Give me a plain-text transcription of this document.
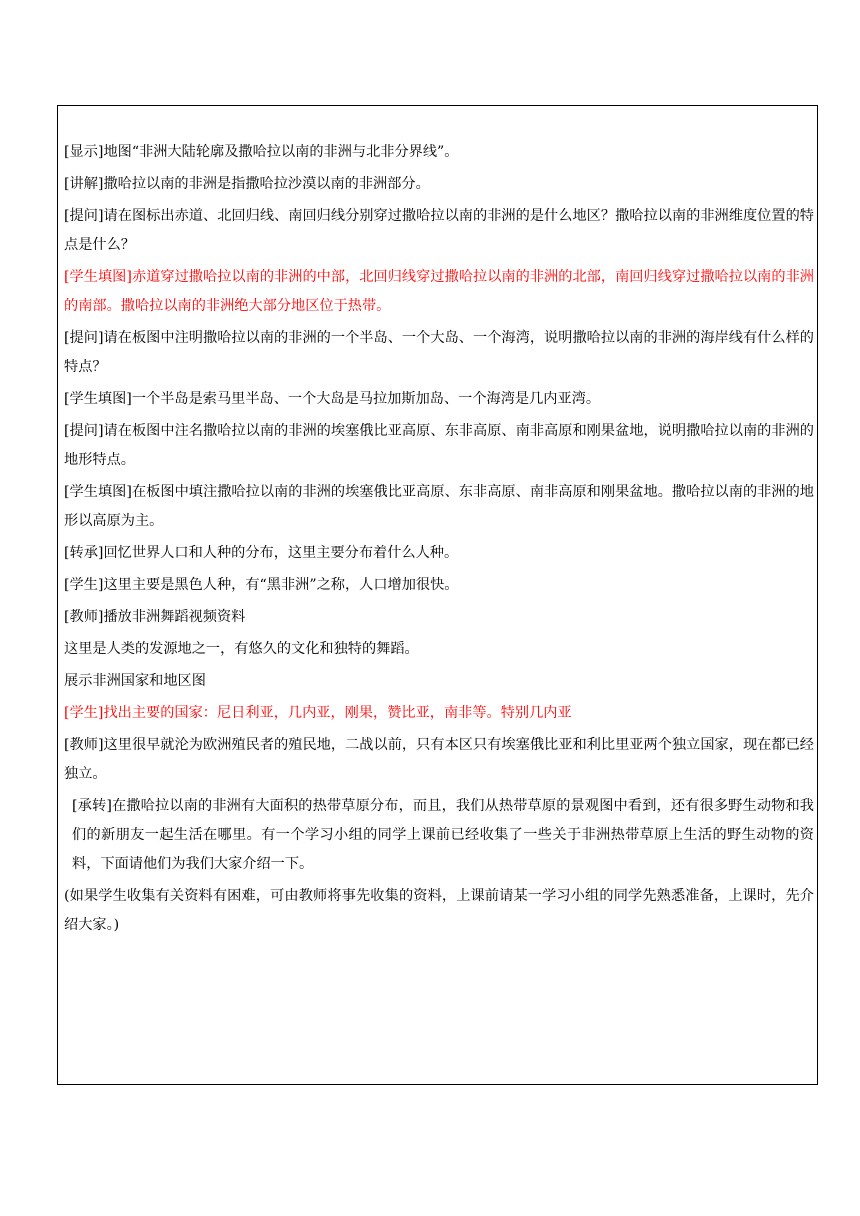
[显示]地图“非洲大陆轮廓及撒哈拉以南的非洲与北非分界线”。

[讲解]撒哈拉以南的非洲是指撒哈拉沙漠以南的非洲部分。

[提问]请在图标出赤道、北回归线、南回归线分别穿过撒哈拉以南的非洲的是什么地区？撒哈拉以南的非洲维度位置的特点是什么？

[学生填图]赤道穿过撒哈拉以南的非洲的中部，北回归线穿过撒哈拉以南的非洲的北部，南回归线穿过撒哈拉以南的非洲的南部。撒哈拉以南的非洲绝大部分地区位于热带。

[提问]请在板图中注明撒哈拉以南的非洲的一个半岛、一个大岛、一个海湾，说明撒哈拉以南的非洲的海岸线有什么样的特点？

[学生填图]一个半岛是索马里半岛、一个大岛是马拉加斯加岛、一个海湾是几内亚湾。

[提问]请在板图中注名撒哈拉以南的非洲的埃塞俄比亚高原、东非高原、南非高原和刚果盆地，说明撒哈拉以南的非洲的地形特点。

[学生填图]在板图中填注撒哈拉以南的非洲的埃塞俄比亚高原、东非高原、南非高原和刚果盆地。撒哈拉以南的非洲的地形以高原为主。

[转承]回忆世界人口和人种的分布，这里主要分布着什么人种。

[学生]这里主要是黑色人种，有“黑非洲”之称，人口增加很快。

[教师]播放非洲舞蹈视频资料

这里是人类的发源地之一，有悠久的文化和独特的舞蹈。

展示非洲国家和地区图

[学生]找出主要的国家：尼日利亚，几内亚，刚果，赞比亚，南非等。特别几内亚

[教师]这里很早就沦为欧洲殖民者的殖民地，二战以前，只有本区只有埃塞俄比亚和利比里亚两个独立国家，现在都已经独立。

[承转]在撒哈拉以南的非洲有大面积的热带草原分布，而且，我们从热带草原的景观图中看到，还有很多野生动物和我们的新朋友一起生活在哪里。有一个学习小组的同学上课前已经收集了一些关于非洲热带草原上生活的野生动物的资料，下面请他们为我们大家介绍一下。

(如果学生收集有关资料有困难，可由教师将事先收集的资料，上课前请某一学习小组的同学先熟悉准备，上课时，先介绍大家。)
